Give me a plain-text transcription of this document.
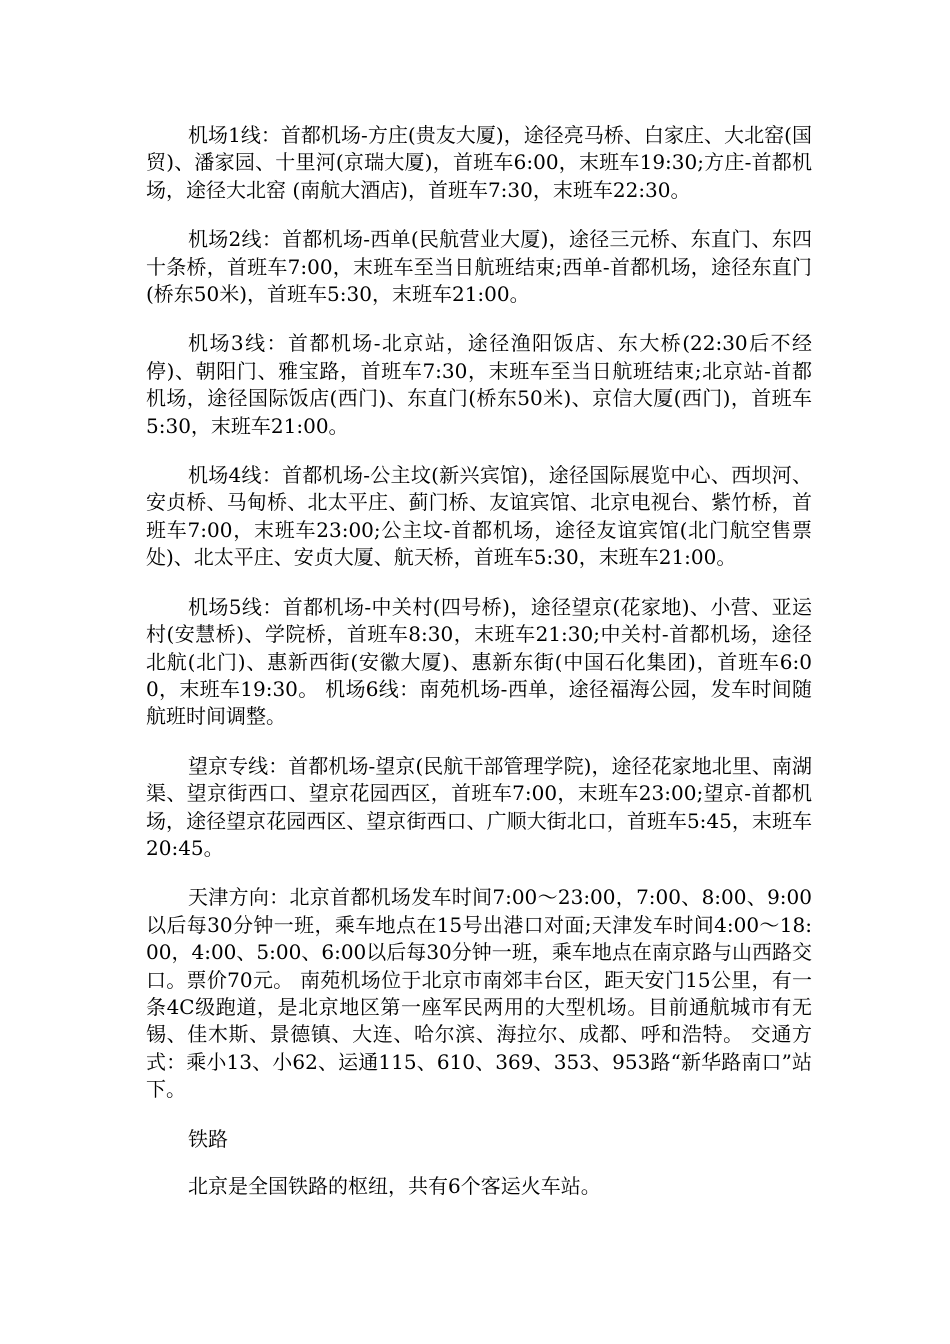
机场1线：首都机场-方庄(贵友大厦)，途径亮马桥、白家庄、大北窑(国贸)、潘家园、十里河(京瑞大厦)，首班车6:00，末班车19:30;方庄-首都机场，途径大北窑 (南航大酒店)，首班车7:30，末班车22:30。

机场2线：首都机场-西单(民航营业大厦)，途径三元桥、东直门、东四十条桥，首班车7:00，末班车至当日航班结束;西单-首都机场，途径东直门(桥东50米)，首班车5:30，末班车21:00。

机场3线：首都机场-北京站，途径渔阳饭店、东大桥(22:30后不经停)、朝阳门、雅宝路，首班车7:30，末班车至当日航班结束;北京站-首都机场，途径国际饭店(西门)、东直门(桥东50米)、京信大厦(西门)，首班车5:30，末班车21:00。

机场4线：首都机场-公主坟(新兴宾馆)，途径国际展览中心、西坝河、安贞桥、马甸桥、北太平庄、蓟门桥、友谊宾馆、北京电视台、紫竹桥，首班车7:00，末班车23:00;公主坟-首都机场，途径友谊宾馆(北门航空售票处)、北太平庄、安贞大厦、航天桥，首班车5:30，末班车21:00。

机场5线：首都机场-中关村(四号桥)，途径望京(花家地)、小营、亚运村(安慧桥)、学院桥，首班车8:30，末班车21:30;中关村-首都机场，途径北航(北门)、惠新西街(安徽大厦)、惠新东街(中国石化集团)，首班车6:00，末班车19:30。 机场6线：南苑机场-西单，途径福海公园，发车时间随航班时间调整。

望京专线：首都机场-望京(民航干部管理学院)，途径花家地北里、南湖渠、望京街西口、望京花园西区，首班车7:00，末班车23:00;望京-首都机场，途径望京花园西区、望京街西口、广顺大街北口，首班车5:45，末班车20:45。

天津方向：北京首都机场发车时间7:00～23:00，7:00、8:00、9:00以后每30分钟一班，乘车地点在15号出港口对面;天津发车时间4:00～18:00，4:00、5:00、6:00以后每30分钟一班，乘车地点在南京路与山西路交口。票价70元。 南苑机场位于北京市南郊丰台区，距天安门15公里，有一条4C级跑道，是北京地区第一座军民两用的大型机场。目前通航城市有无锡、佳木斯、景德镇、大连、哈尔滨、海拉尔、成都、呼和浩特。 交通方式：乘小13、小62、运通115、610、369、353、953路“新华路南口”站下。

铁路

北京是全国铁路的枢纽，共有6个客运火车站。
